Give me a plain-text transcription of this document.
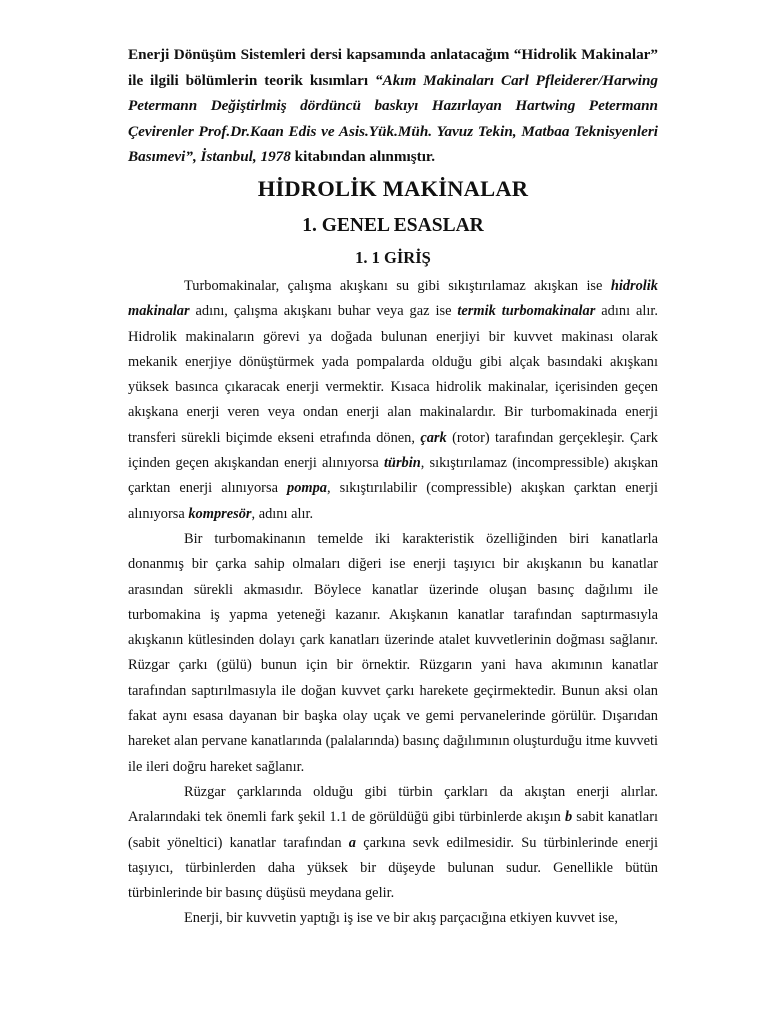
Enerji Dönüşüm Sistemleri dersi kapsamında anlatacağım “Hidrolik Makinalar” ile ilgili bölümlerin teorik kısımları “Akım Makinaları Carl Pfleiderer/Harwing Petermann Değiştirlmiş dördüncü baskıyı Hazırlayan Hartwing Petermann Çevirenler Prof.Dr.Kaan Edis ve Asis.Yük.Müh. Yavuz Tekin, Matbaa Teknisyenleri Basımevi”, İstanbul, 1978 kitabından alınmıştır.

HİDROLİK MAKİNALAR
1. GENEL ESASLAR
1. 1 GİRİŞ

Turbomakinalar, çalışma akışkanı su gibi sıkıştırılamaz akışkan ise hidrolik makinalar adını, çalışma akışkanı buhar veya gaz ise termik turbomakinalar adını alır. Hidrolik makinaların görevi ya doğada bulunan enerjiyi bir kuvvet makinası olarak mekanik enerjiye dönüştürmek yada pompalarda olduğu gibi alçak basındaki akışkanı yüksek basınca çıkaracak enerji vermektir. Kısaca hidrolik makinalar, içerisinden geçen akışkana enerji veren veya ondan enerji alan makinalardır. Bir turbomakinada enerji transferi sürekli biçimde ekseni etrafında dönen, çark (rotor) tarafından gerçekleşir. Çark içinden geçen akışkandan enerji alınıyorsa türbin, sıkıştırılamaz (incompressible) akışkan çarktan enerji alınıyorsa pompa, sıkıştırılabilir (compressible) akışkan çarktan enerji alınıyorsa kompresör, adını alır.

Bir turbomakinanın temelde iki karakteristik özelliğinden biri kanatlarla donanmış bir çarka sahip olmaları diğeri ise enerji taşıyıcı bir akışkanın bu kanatlar arasından sürekli akmasıdır. Böylece kanatlar üzerinde oluşan basınç dağılımı ile turbomakina iş yapma yeteneği kazanır. Akışkanın kanatlar tarafından saptırmasıyla akışkanın kütlesinden dolayı çark kanatları üzerinde atalet kuvvetlerinin doğması sağlanır. Rüzgar çarkı (gülü) bunun için bir örnektir. Rüzgarın yani hava akımının kanatlar tarafından saptırılmasıyla ile doğan kuvvet çarkı harekete geçirmektedir. Bunun aksi olan fakat aynı esasa dayanan bir başka olay uçak ve gemi pervanelerinde görülür. Dışarıdan hareket alan pervane kanatlarında (palalarında) basınç dağılımının oluşturduğu itme kuvveti ile ileri doğru hareket sağlanır.

Rüzgar çarklarında olduğu gibi türbin çarkları da akıştan enerji alırlar. Aralarındaki tek önemli fark şekil 1.1 de görüldüğü gibi türbinlerde akışın b sabit kanatları (sabit yöneltici) kanatlar tarafından a çarkına sevk edilmesidir. Su türbinlerinde enerji taşıyıcı, türbinlerden daha yüksek bir düşeyde bulunan sudur. Genellikle bütün türbinlerinde bir basınç düşüsü meydana gelir.

Enerji, bir kuvvetin yaptığı iş ise ve bir akış parçacığına etkiyen kuvvet ise,
